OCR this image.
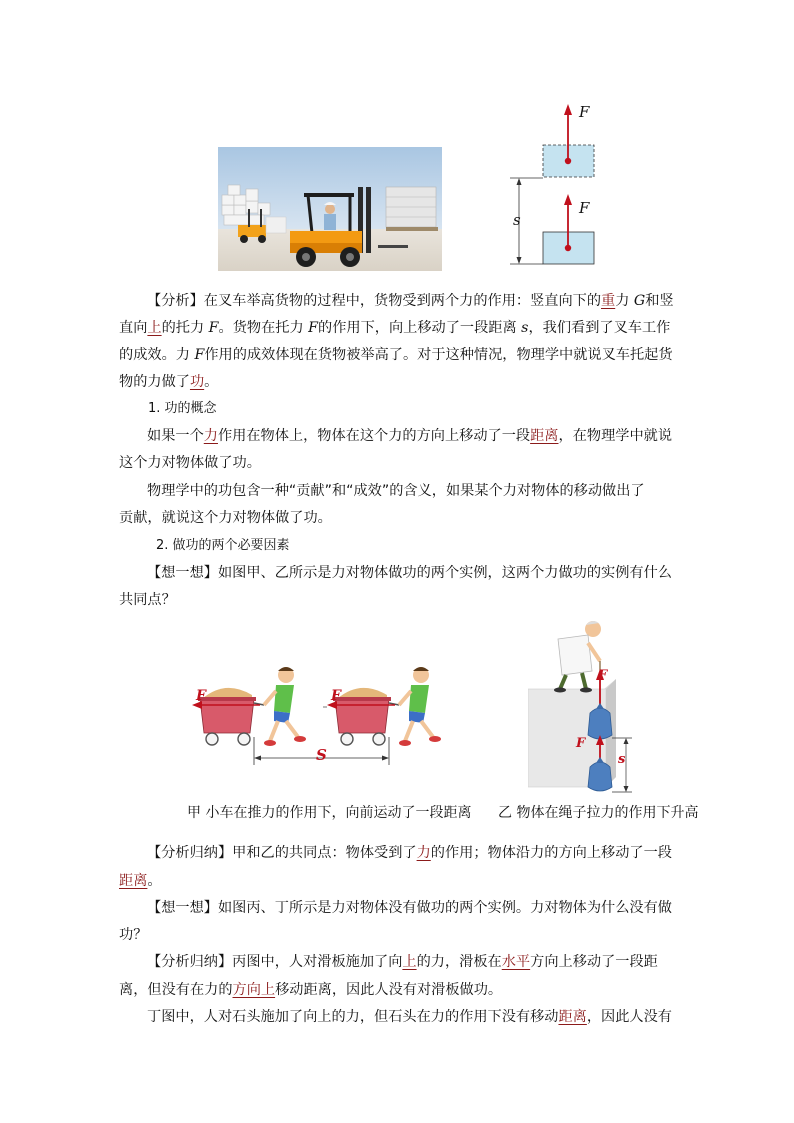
F
F
s
【分析】在叉车举高货物的过程中，货物受到两个力的作用：竖直向下的重力 G和竖
直向上的托力 F。货物在托力 F的作用下，向上移动了一段距离 s，我们看到了叉车工作
的成效。力 F作用的成效体现在货物被举高了。对于这种情况，物理学中就说叉车托起货
物的力做了功。
1. 功的概念
如果一个力作用在物体上，物体在这个力的方向上移动了一段距离，在物理学中就说
这个力对物体做了功。
物理学中的功包含一种“贡献”和“成效”的含义，如果某个力对物体的移动做出了
贡献，就说这个力对物体做了功。
2. 做功的两个必要因素
【想一想】如图甲、乙所示是力对物体做功的两个实例，这两个力做功的实例有什么
共同点？
F	F
S
F
F
s
甲 小车在推力的作用下，向前运动了一段距离 乙 物体在绳子拉力的作用下升高
【分析归纳】甲和乙的共同点：物体受到了力的作用；物体沿力的方向上移动了一段
距离。
【想一想】如图丙、丁所示是力对物体没有做功的两个实例。力对物体为什么没有做
功？
【分析归纳】丙图中，人对滑板施加了向上的力，滑板在水平方向上移动了一段距
离，但没有在力的方向上移动距离，因此人没有对滑板做功。
丁图中，人对石头施加了向上的力，但石头在力的作用下没有移动距离，因此人没有
